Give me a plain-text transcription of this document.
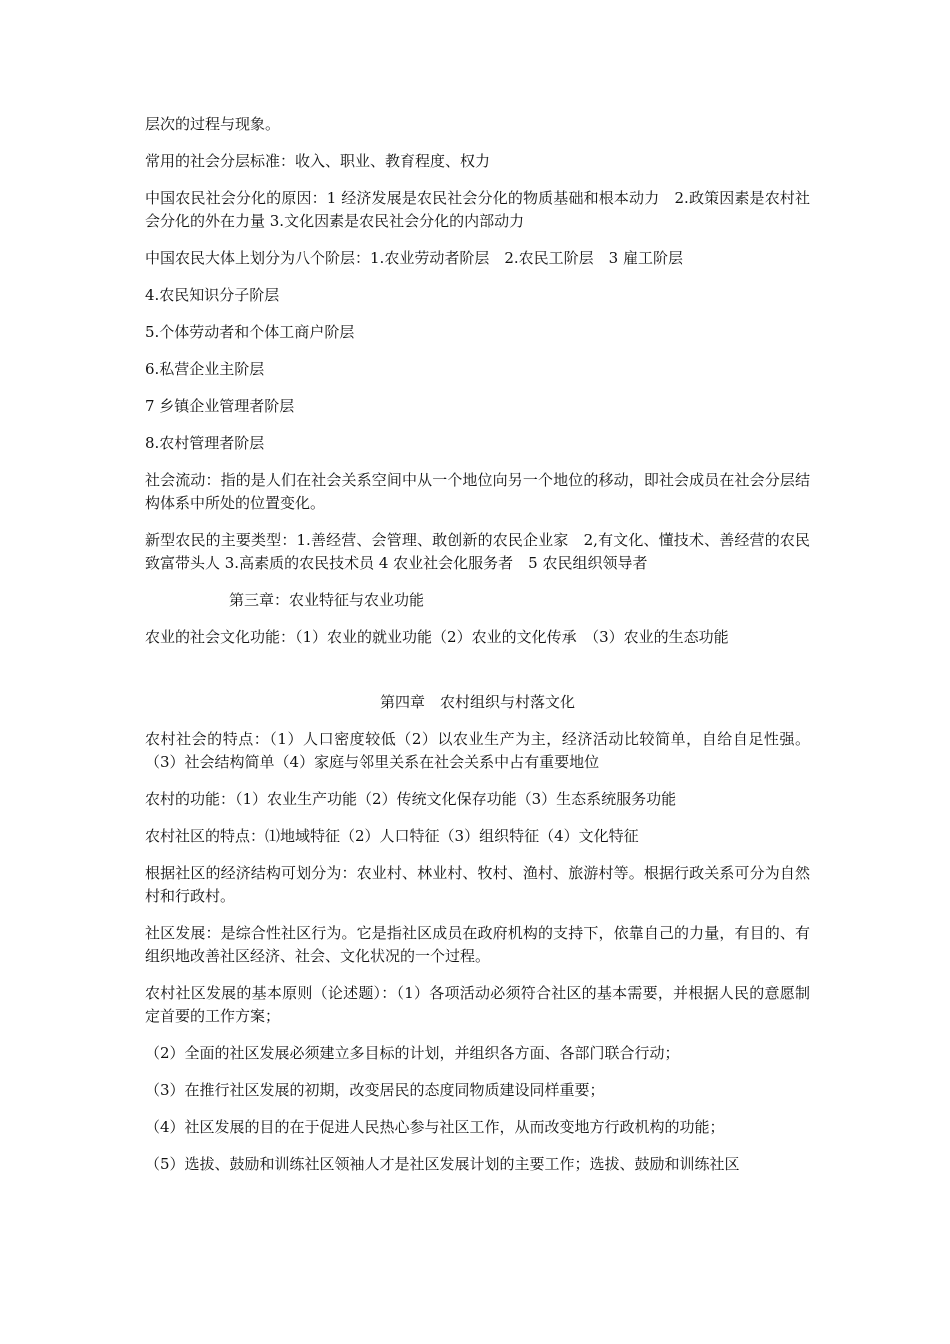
层次的过程与现象。

常用的社会分层标准：收入、职业、教育程度、权力

中国农民社会分化的原因：1 经济发展是农民社会分化的物质基础和根本动力　2.政策因素是农村社会分化的外在力量 3.文化因素是农民社会分化的内部动力

中国农民大体上划分为八个阶层：1.农业劳动者阶层　2.农民工阶层　3 雇工阶层

4.农民知识分子阶层

5.个体劳动者和个体工商户阶层

6.私营企业主阶层

7 乡镇企业管理者阶层

8.农村管理者阶层

社会流动：指的是人们在社会关系空间中从一个地位向另一个地位的移动，即社会成员在社会分层结构体系中所处的位置变化。

新型农民的主要类型：1.善经营、会管理、敢创新的农民企业家　2,有文化、懂技术、善经营的农民致富带头人 3.高素质的农民技术员 4 农业社会化服务者　5 农民组织领导者

第三章：农业特征与农业功能

农业的社会文化功能：（1）农业的就业功能（2）农业的文化传承　（3）农业的生态功能

第四章　农村组织与村落文化

农村社会的特点：（1）人口密度较低（2）以农业生产为主，经济活动比较简单，自给自足性强。（3）社会结构简单（4）家庭与邻里关系在社会关系中占有重要地位

农村的功能：（1）农业生产功能（2）传统文化保存功能（3）生态系统服务功能

农村社区的特点：⑴地域特征（2）人口特征（3）组织特征（4）文化特征

根据社区的经济结构可划分为：农业村、林业村、牧村、渔村、旅游村等。根据行政关系可分为自然村和行政村。

社区发展：是综合性社区行为。它是指社区成员在政府机构的支持下，依靠自己的力量，有目的、有组织地改善社区经济、社会、文化状况的一个过程。

农村社区发展的基本原则（论述题）：（1）各项活动必须符合社区的基本需要，并根据人民的意愿制定首要的工作方案；

（2）全面的社区发展必须建立多目标的计划，并组织各方面、各部门联合行动；

（3）在推行社区发展的初期，改变居民的态度同物质建设同样重要；

（4）社区发展的目的在于促进人民热心参与社区工作，从而改变地方行政机构的功能；

（5）选拔、鼓励和训练社区领袖人才是社区发展计划的主要工作；选拔、鼓励和训练社区
